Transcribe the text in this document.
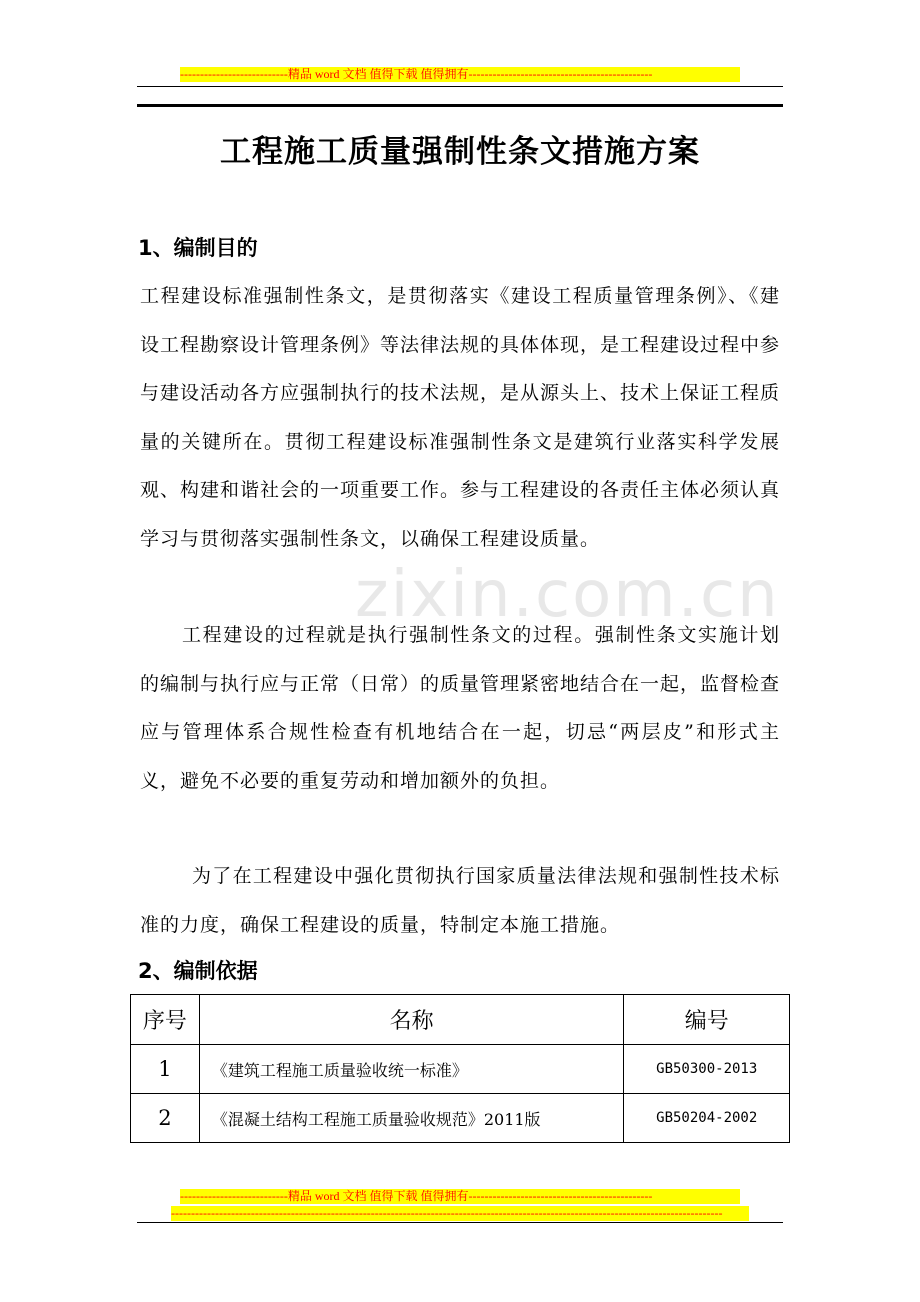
---------------------------精品 word 文档 值得下载 值得拥有----------------------------------------------
zixin.com.cn
工程施工质量强制性条文措施方案
1、编制目的
工程建设标准强制性条文，是贯彻落实《建设工程质量管理条例》、《建设工程勘察设计管理条例》等法律法规的具体体现，是工程建设过程中参与建设活动各方应强制执行的技术法规，是从源头上、技术上保证工程质量的关键所在。贯彻工程建设标准强制性条文是建筑行业落实科学发展观、构建和谐社会的一项重要工作。参与工程建设的各责任主体必须认真学习与贯彻落实强制性条文，以确保工程建设质量。
工程建设的过程就是执行强制性条文的过程。强制性条文实施计划的编制与执行应与正常（日常）的质量管理紧密地结合在一起，监督检查应与管理体系合规性检查有机地结合在一起，切忌“两层皮”和形式主义，避免不必要的重复劳动和增加额外的负担。
为了在工程建设中强化贯彻执行国家质量法律法规和强制性技术标准的力度，确保工程建设的质量，特制定本施工措施。
2、编制依据
序号	名称	编号
1	《建筑工程施工质量验收统一标准》	GB50300-2013
2	《混凝土结构工程施工质量验收规范》2011版	GB50204-2002
---------------------------精品 word 文档 值得下载 值得拥有----------------------------------------------
------------------------------------------------------------------------------------------------------------------------------------------
